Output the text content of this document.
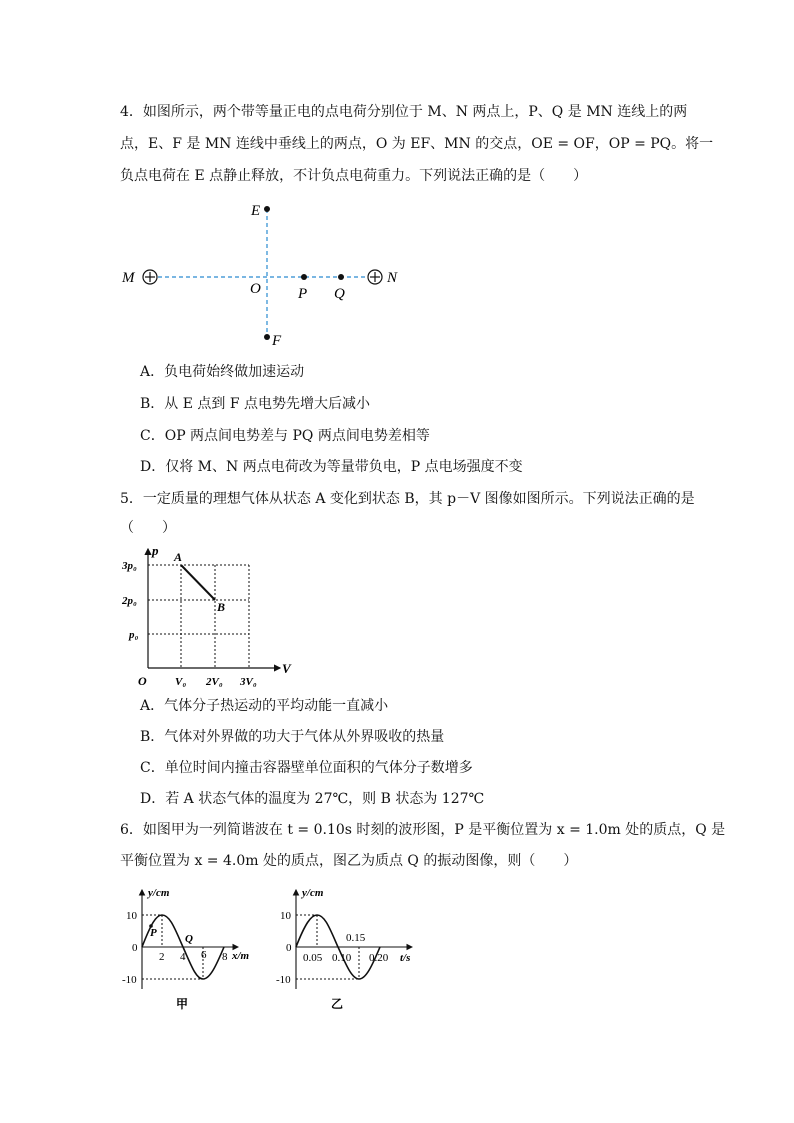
4．如图所示，两个带等量正电的点电荷分别位于 M、N 两点上，P、Q 是 MN 连线上的两
点，E、F 是 MN 连线中垂线上的两点，O 为 EF、MN 的交点，OE = OF，OP = PQ。将一
负点电荷在 E 点静止释放，不计负点电荷重力。下列说法正确的是（　　）
E
F
M	N
O P Q
A．负电荷始终做加速运动
B．从 E 点到 F 点电势先增大后减小
C．OP 两点间电势差与 PQ 两点间电势差相等
D．仅将 M、N 两点电荷改为等量带负电，P 点电场强度不变
5．一定质量的理想气体从状态 A 变化到状态 B，其 p－V 图像如图所示。下列说法正确的是
（　　）
p
V
O
A
B
3p₀
2p₀
p₀
V₀ 2V₀ 3V₀
A．气体分子热运动的平均动能一直减小
B．气体对外界做的功大于气体从外界吸收的热量
C．单位时间内撞击容器壁单位面积的气体分子数增多
D．若 A 状态气体的温度为 27℃，则 B 状态为 127℃
6．如图甲为一列简谐波在 t = 0.10s 时刻的波形图，P 是平衡位置为 x = 1.0m 处的质点，Q 是
平衡位置为 x = 4.0m 处的质点，图乙为质点 Q 的振动图像，则（　　）
y/cm
x/m
10
0
-10
2 4 6 8
P	Q
甲
y/cm
t/s
10
0
-10
0.05 0.10
0.15
0.20
乙
